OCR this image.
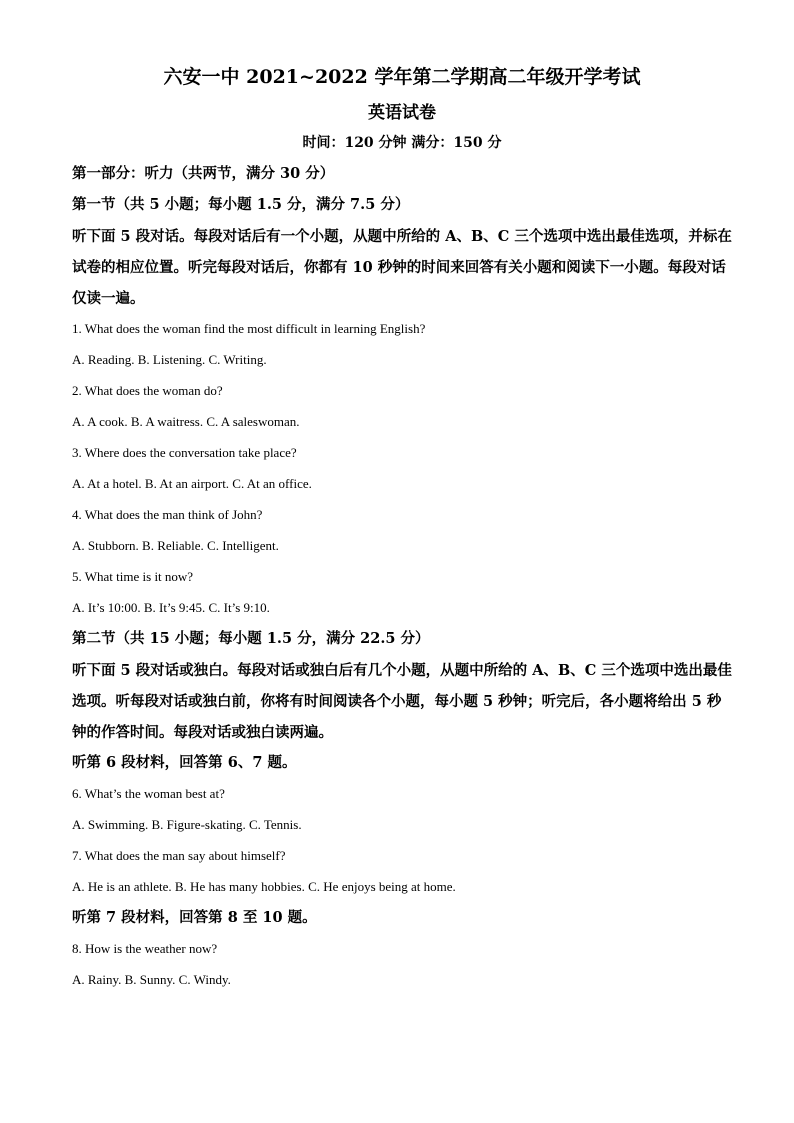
六安一中 2021~2022 学年第二学期高二年级开学考试
英语试卷
时间：120 分钟 满分：150 分
第一部分：听力（共两节，满分 30 分）
第一节（共 5 小题；每小题 1.5 分，满分 7.5 分）
听下面 5 段对话。每段对话后有一个小题，从题中所给的 A、B、C 三个选项中选出最佳选项，并标在试卷的相应位置。听完每段对话后，你都有 10 秒钟的时间来回答有关小题和阅读下一小题。每段对话仅读一遍。
1. What does the woman find the most difficult in learning English?
A. Reading. B. Listening. C. Writing.
2. What does the woman do?
A. A cook. B. A waitress. C. A saleswoman.
3. Where does the conversation take place?
A. At a hotel. B. At an airport. C. At an office.
4. What does the man think of John?
A. Stubborn. B. Reliable. C. Intelligent.
5. What time is it now?
A. It’s 10:00. B. It’s 9:45. C. It’s 9:10.
第二节（共 15 小题；每小题 1.5 分，满分 22.5 分）
听下面 5 段对话或独白。每段对话或独白后有几个小题，从题中所给的 A、B、C 三个选项中选出最佳选项。听每段对话或独白前，你将有时间阅读各个小题，每小题 5 秒钟；听完后，各小题将给出 5 秒钟的作答时间。每段对话或独白读两遍。
听第 6 段材料，回答第 6、7 题。
6. What’s the woman best at?
A. Swimming. B. Figure-skating. C. Tennis.
7. What does the man say about himself?
A. He is an athlete. B. He has many hobbies. C. He enjoys being at home.
听第 7 段材料，回答第 8 至 10 题。
8. How is the weather now?
A. Rainy. B. Sunny. C. Windy.
